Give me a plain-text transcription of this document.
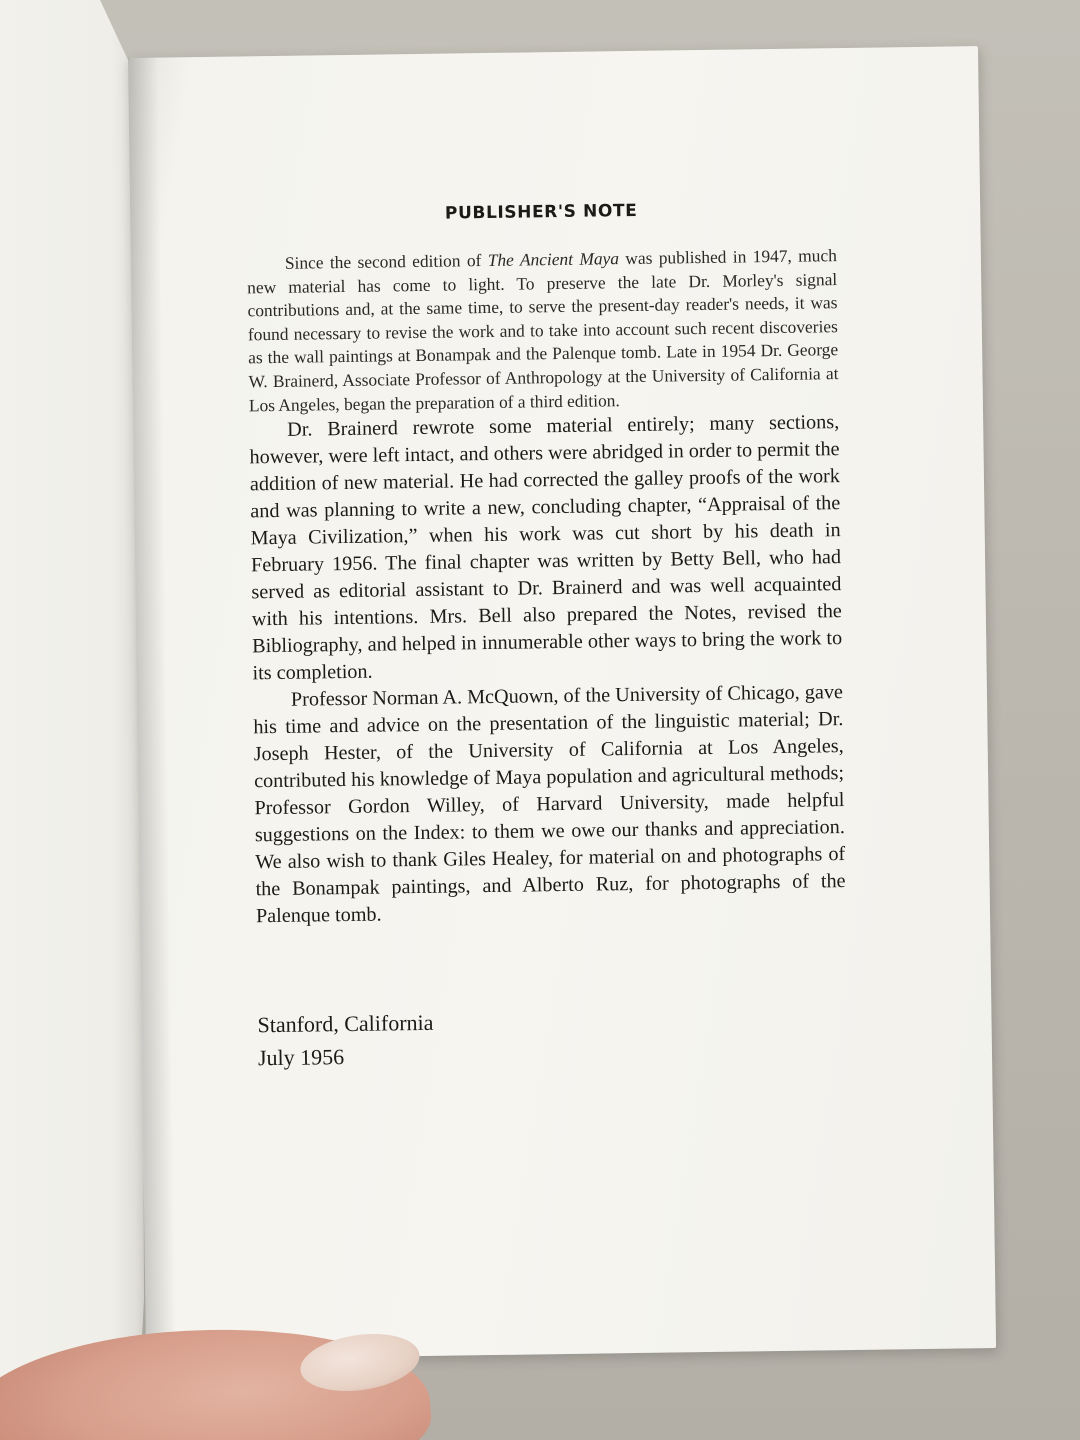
PUBLISHER'S NOTE

Since the second edition of The Ancient Maya was published in 1947, much new material has come to light. To preserve the late Dr. Morley's signal contributions and, at the same time, to serve the present-day reader's needs, it was found necessary to revise the work and to take into account such recent discoveries as the wall paintings at Bonampak and the Palenque tomb. Late in 1954 Dr. George W. Brainerd, Associate Professor of Anthropology at the University of California at Los Angeles, began the preparation of a third edition.

Dr. Brainerd rewrote some material entirely; many sections, however, were left intact, and others were abridged in order to permit the addition of new material. He had corrected the galley proofs of the work and was planning to write a new, concluding chapter, “Appraisal of the Maya Civilization,” when his work was cut short by his death in February 1956. The final chapter was written by Betty Bell, who had served as editorial assistant to Dr. Brainerd and was well acquainted with his intentions. Mrs. Bell also prepared the Notes, revised the Bibliography, and helped in innumerable other ways to bring the work to its completion.

Professor Norman A. McQuown, of the University of Chicago, gave his time and advice on the presentation of the linguistic material; Dr. Joseph Hester, of the University of California at Los Angeles, contributed his knowledge of Maya population and agricultural methods; Professor Gordon Willey, of Harvard University, made helpful suggestions on the Index: to them we owe our thanks and appreciation. We also wish to thank Giles Healey, for material on and photographs of the Bonampak paintings, and Alberto Ruz, for photographs of the Palenque tomb.

Stanford, California
July 1956
